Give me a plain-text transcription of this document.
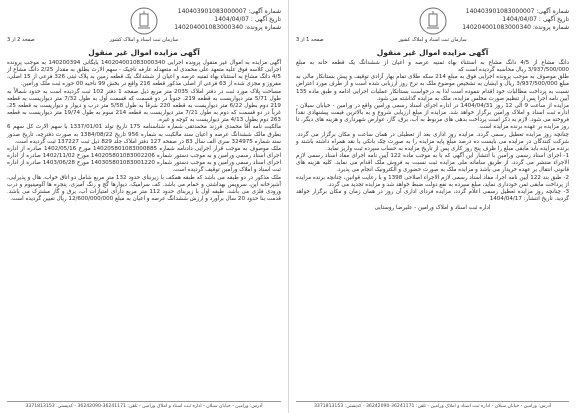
شماره آگهی: 140403901083000007
تاریخ آگهی : 1404/04/07
شماره پرونده: 140204001083000340
سازمان ثبت اسناد و املاک کشور
صفحه 1 از 3
آگهی مزایده اموال غیر منقول

دانگ مشاع از 4/5 دانگ مشاع به استثناء بهاء ثمنیه عرصه و اعیان از ششدانگ یک قطعه خانه به مبلغ 3/937/500/000 ریال محاسبه گردیده است که

طلق موصوف به موجب پرونده اجرایی فوق به مبلغ 214 سکه طلای تمام بهار آزادی توقیف و پیش بستانکار مالی به مبلغ 3/937/500/000 ریال و ایشان به تشخیص موضوع ملک به نرخ روز ارزیابی شده است و از طرف مورد اعتراض نسبت به پرداخت مطالبات خود اقدام ننموده است لذا به درخواست بستانکار عملیات اجرایی ادامه و طبق ماده 135 آیین نامه اجرا پس از تنظیم صورت مجلس مزایده، ملک به مزایده گذاشته می شود.

مزایده از ساعت 9 الی 12 روز 1404/04/31 در اداره اجرای اسناد رسمی ورامین واقع در ورامین - خیابان سبلان - اداره ثبت اسناد و املاک ورامین برگزار خواهد شد. مزایده از مبلغ ارزیابی شروع و به بالاترین قیمت پیشنهادی نقداً فروخته می شود. لازم به ذکر است پرداخت بدهی های مربوط به آب، برق، گاز، عوارض شهرداری و هزینه های دیگر، تا روز مزایده بر عهده برنده مزایده است.

چنانچه روز مزایده تعطیل رسمی گردد، مزایده روز اداری بعد از تعطیلی در همان ساعت و مکان برگزار می گردد. شرکت کنندگان در مزایده می بایست ده درصد مبلغ پایه مزایده را به صورت چک بانکی یا نقد همراه داشته باشند و برنده مزایده باید مابقی مبلغ را ظرف پنج روز کاری پس از تاریخ مزایده به حساب سپرده ثبت واریز نماید.

1- اجرای اسناد رسمی ورامین با انتشار این آگهی که با به موجب ماده 122 آیین نامه اجرای مفاد اسناد رسمی لازم الاجراء منتشر می گردد، از طریق سامانه ملی مزایده ثبت نسبت به فروش ملک اقدام می نماید. کلیه هزینه های قانونی انتقال بر عهده خریدار می باشد و مزایده ملک به صورت حضوری و الکترونیک انجام می پذیرد.

2- طبق بند 122 آیین نامه اجرا، مفاد اسناد رسمی لازم الاجراء اصلاحی 1398 و با رعایت قوانین، چنانچه برنده مزایده از پرداخت مابقی ثمن خودداری نماید، مبلغ سپرده به نفع دولت ضبط خواهد شد و مزایده تجدید می گردد.

3- چنانچه روز مزایده تعطیل رسمی اعلام گردد، مزایده فردای اداری آن روز در همان زمان و مکان برگزار خواهد گردید. تاریخ انتشار: 1404/04/17

اداره ثبت اسناد و املاک ورامین - علیرضا روستایی
آدرس: ورامین - خیابان سبلان - اداره ثبت اسناد و املاک ورامین - تلفن: 36241171-36242090 - کدپستی: 3371813153
شماره آگهی: 140403901083000007
تاریخ آگهی : 1404/04/07
شماره پرونده: 140204001083000340
سازمان ثبت اسناد و املاک کشور
صفحه 2 از 3
آگهی مزایده اموال غیر منقول

آگهی مزایده به اموال غیر منقول پرونده اجرایی 140204001083000340 بایگانی 140200394 به موجب پرونده اجرایی کلاسه فوق علیه متعهد علی محمدی له متعهدله عارفه تاجیک - سهم الارث بطلق به مقدار 2/25 دانگ مشاع از 4/5 دانگ مشاع به استثناء بهاء ثمنیه عرصه و اعیان از ششدانگ یک قطعه زمین به پلاک ثبتی 326 فرعی از 15 اصلی، مفروز و مجزی شده از 63 فرعی از اصلی مذکور قطعه 216 واقع در بخش 99 ناحیه 00 حوزه ثبت ملک ورامین.

مساحت پلاک مورد ثبت در دفتر املاک 2035 متر مربع ذیل صفحه 1 دفتر 102 ثبت گردیده است به حدود شمالاً به طول 5/71 متر دیواریست به قطعه 219، جنوباً در دو قسمت که قسمت اول به طول 7/32 متر دیواریست به قطعه 219 دوم بطول 6/22 متر دیواریست به قطعه 220 شرقاً به طول 5/58 متر درب و دیوار و دیواریست به قطعه 25، غرباً در دو قسمت که دوم به طول 7/21 متر دیواریست به قطعه 214 سوم به طول 19/74 متر دیواریست به قطعه 263 دوم بطول 4/13 متر دیواریست به کوچه و غیره.

مالکیت نامه آقا محمدی فرزند محمدتقی شماره شناسنامه 175 تاریخ تولد 1337/01/01 با سهم الارث کل سهم 6 بطرق مالک ششدانگ عرصه و اعیان سند مالکیت به شماره 956 تاریخ 1384/08/22 به صورت دفترچه، تاریخ صدور سند شماره 324975 سری الف سال 83 در صفحه 127 دفتر املاک جلد 829 ذیل ثبت 137227 ثبت گردیده است.

ملک موصوف به موجب قرار اجرایی دادنامه شماره 140205801083000885 مورخ 1402/05/16 صادره از اداره اجرای اسناد رسمی ورامین و به موجب دستور شماره 140205801083002206 مورخ 1402/11/02 صادره از اداره اجرای اسناد رسمی ورامین و به موجب دستور شماره 140305801083001220 مورخ 1403/06/28 صادره از اداره ثبت اسناد و املاک ورامین توقیف گردیده است.

ملک مذکور در دو طبقه می باشد که طبقه همکف با زیربنای حدود 132 متر مربع شامل دو اتاق خواب، هال و پذیرایی، آشپزخانه اپن، سرویس بهداشتی و حمام می باشد. کف سرامیک، دیوارها گچ و رنگ آمیزی، پنجره ها آلومینیوم و درب ورودی فلزی می باشد. طبقه اول با زیربنای حدود 112 متر مربع دارای امتیازات آب، برق و گاز مشترک می باشد. قدمت بنا حدود 20 سال برآورد و ارزش ششدانگ عرصه و اعیان به مبلغ 12/600/000/000 ریال تعیین گردیده است.

آدرس: ورامین - خیابان سبلان - اداره ثبت اسناد و املاک ورامین - تلفن: 36241171-36242090 - کدپستی: 3371813153
